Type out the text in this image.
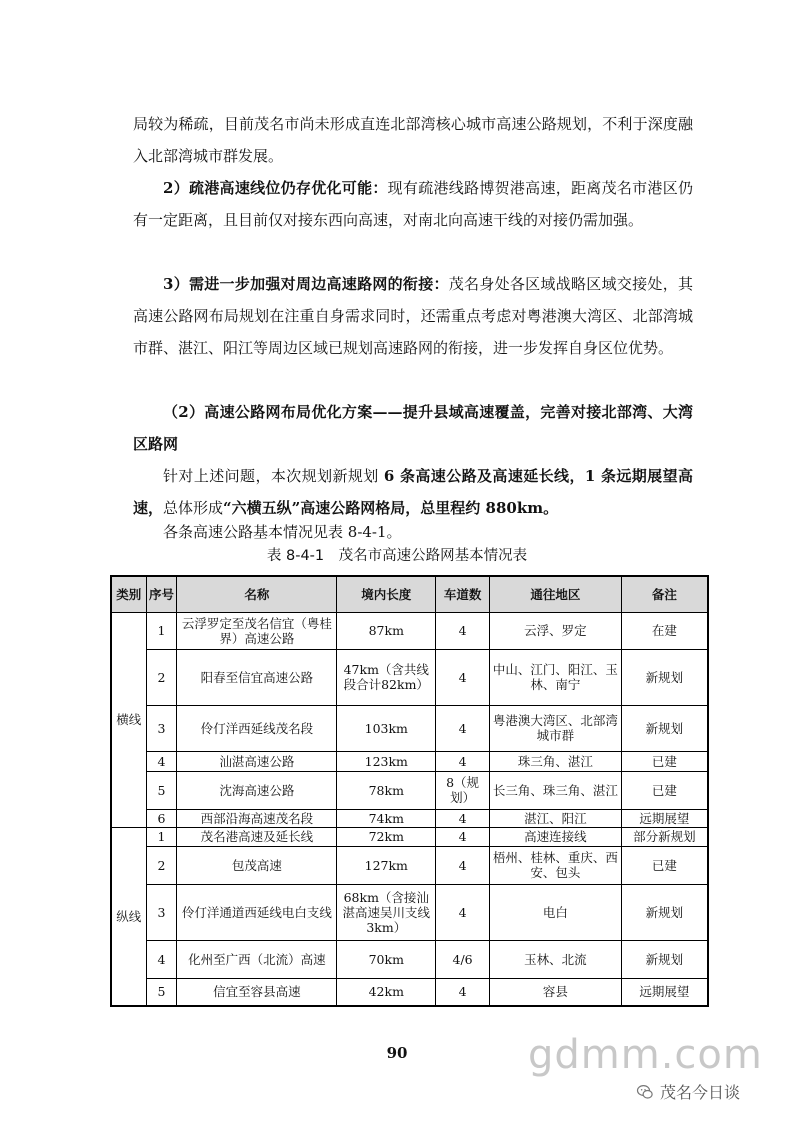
局较为稀疏，目前茂名市尚未形成直连北部湾核心城市高速公路规划，不利于深度融入北部湾城市群发展。

2）疏港高速线位仍存优化可能：现有疏港线路博贺港高速，距离茂名市港区仍有一定距离，且目前仅对接东西向高速，对南北向高速干线的对接仍需加强。

3）需进一步加强对周边高速路网的衔接：茂名身处各区域战略区域交接处，其高速公路网布局规划在注重自身需求同时，还需重点考虑对粤港澳大湾区、北部湾城市群、湛江、阳江等周边区域已规划高速路网的衔接，进一步发挥自身区位优势。

（2）高速公路网布局优化方案——提升县域高速覆盖，完善对接北部湾、大湾区路网

针对上述问题，本次规划新规划 6 条高速公路及高速延长线，1 条远期展望高速，总体形成“六横五纵”高速公路网格局，总里程约 880km。

各条高速公路基本情况见表 8-4-1。

表 8-4-1　茂名市高速公路网基本情况表
类别	序号	名称	境内长度	车道数	通往地区	备注
横线	1	云浮罗定至茂名信宜（粤桂界）高速公路	87km	4	云浮、罗定	在建
	2	阳春至信宜高速公路	47km（含共线段合计82km）	4	中山、江门、阳江、玉林、南宁	新规划
	3	伶仃洋西延线茂名段	103km	4	粤港澳大湾区、北部湾城市群	新规划
	4	汕湛高速公路	123km	4	珠三角、湛江	已建
	5	沈海高速公路	78km	8（规划）	长三角、珠三角、湛江	已建
	6	西部沿海高速茂名段	74km	4	湛江、阳江	远期展望
纵线	1	茂名港高速及延长线	72km	4	高速连接线	部分新规划
	2	包茂高速	127km	4	梧州、桂林、重庆、西安、包头	已建
	3	伶仃洋通道西延线电白支线	68km（含接汕湛高速吴川支线3km）	4	电白	新规划
	4	化州至广西（北流）高速	70km	4/6	玉林、北流	新规划
	5	信宜至容县高速	42km	4	容县	远期展望
90	gdmm.com
茂名今日谈
